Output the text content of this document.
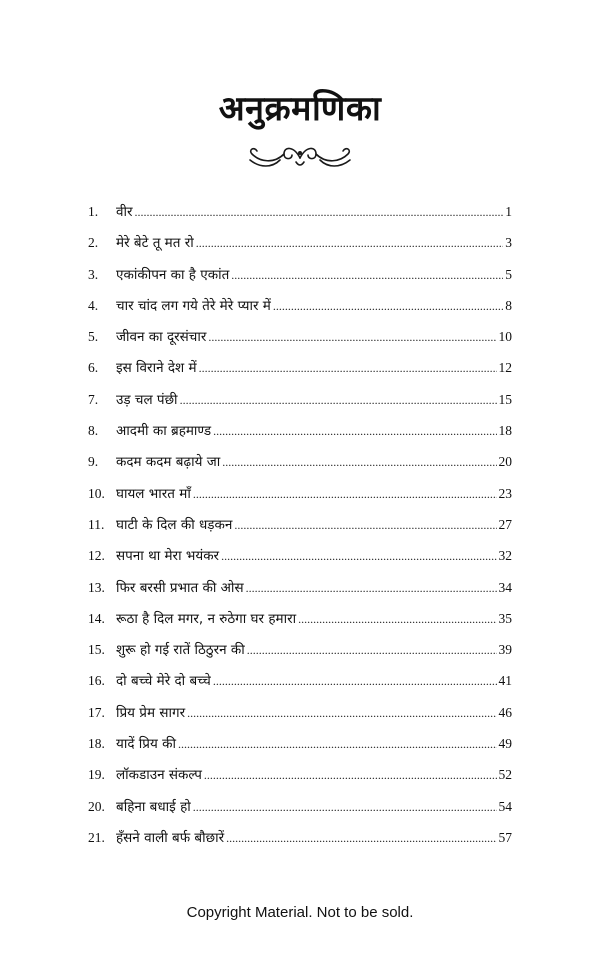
अनुक्रमणिका
1.	वीर .....	1
2.	मेरे बेटे तू मत रो .....	3
3.	एकांकीपन का है एकांत .....	5
4.	चार चांद लग गये तेरे मेरे प्यार में .....	8
5.	जीवन का दूरसंचार .....	10
6.	इस विराने देश में .....	12
7.	उड़ चल पंछी .....	15
8.	आदमी का ब्रहमाण्ड .....	18
9.	कदम कदम बढ़ाये जा .....	20
10. घायल भारत माँ .....	23
11. घाटी के दिल की धड़कन .....	27
12. सपना था मेरा भयंकर .....	32
13. फिर बरसी प्रभात की ओस .....	34
14. रूठा है दिल मगर, न रुठेगा घर हमारा .....	35
15. शुरू हो गई रातें ठिठुरन की .....	39
16. दो बच्चे मेरे दो बच्चे .....	41
17. प्रिय प्रेम सागर .....	46
18. यादें प्रिय की .....	49
19. लॉकडाउन संकल्प .....	52
20. बहिना बधाई हो .....	54
21. हँसने वाली बर्फ बौछारें .....	57
Copyright Material. Not to be sold.
